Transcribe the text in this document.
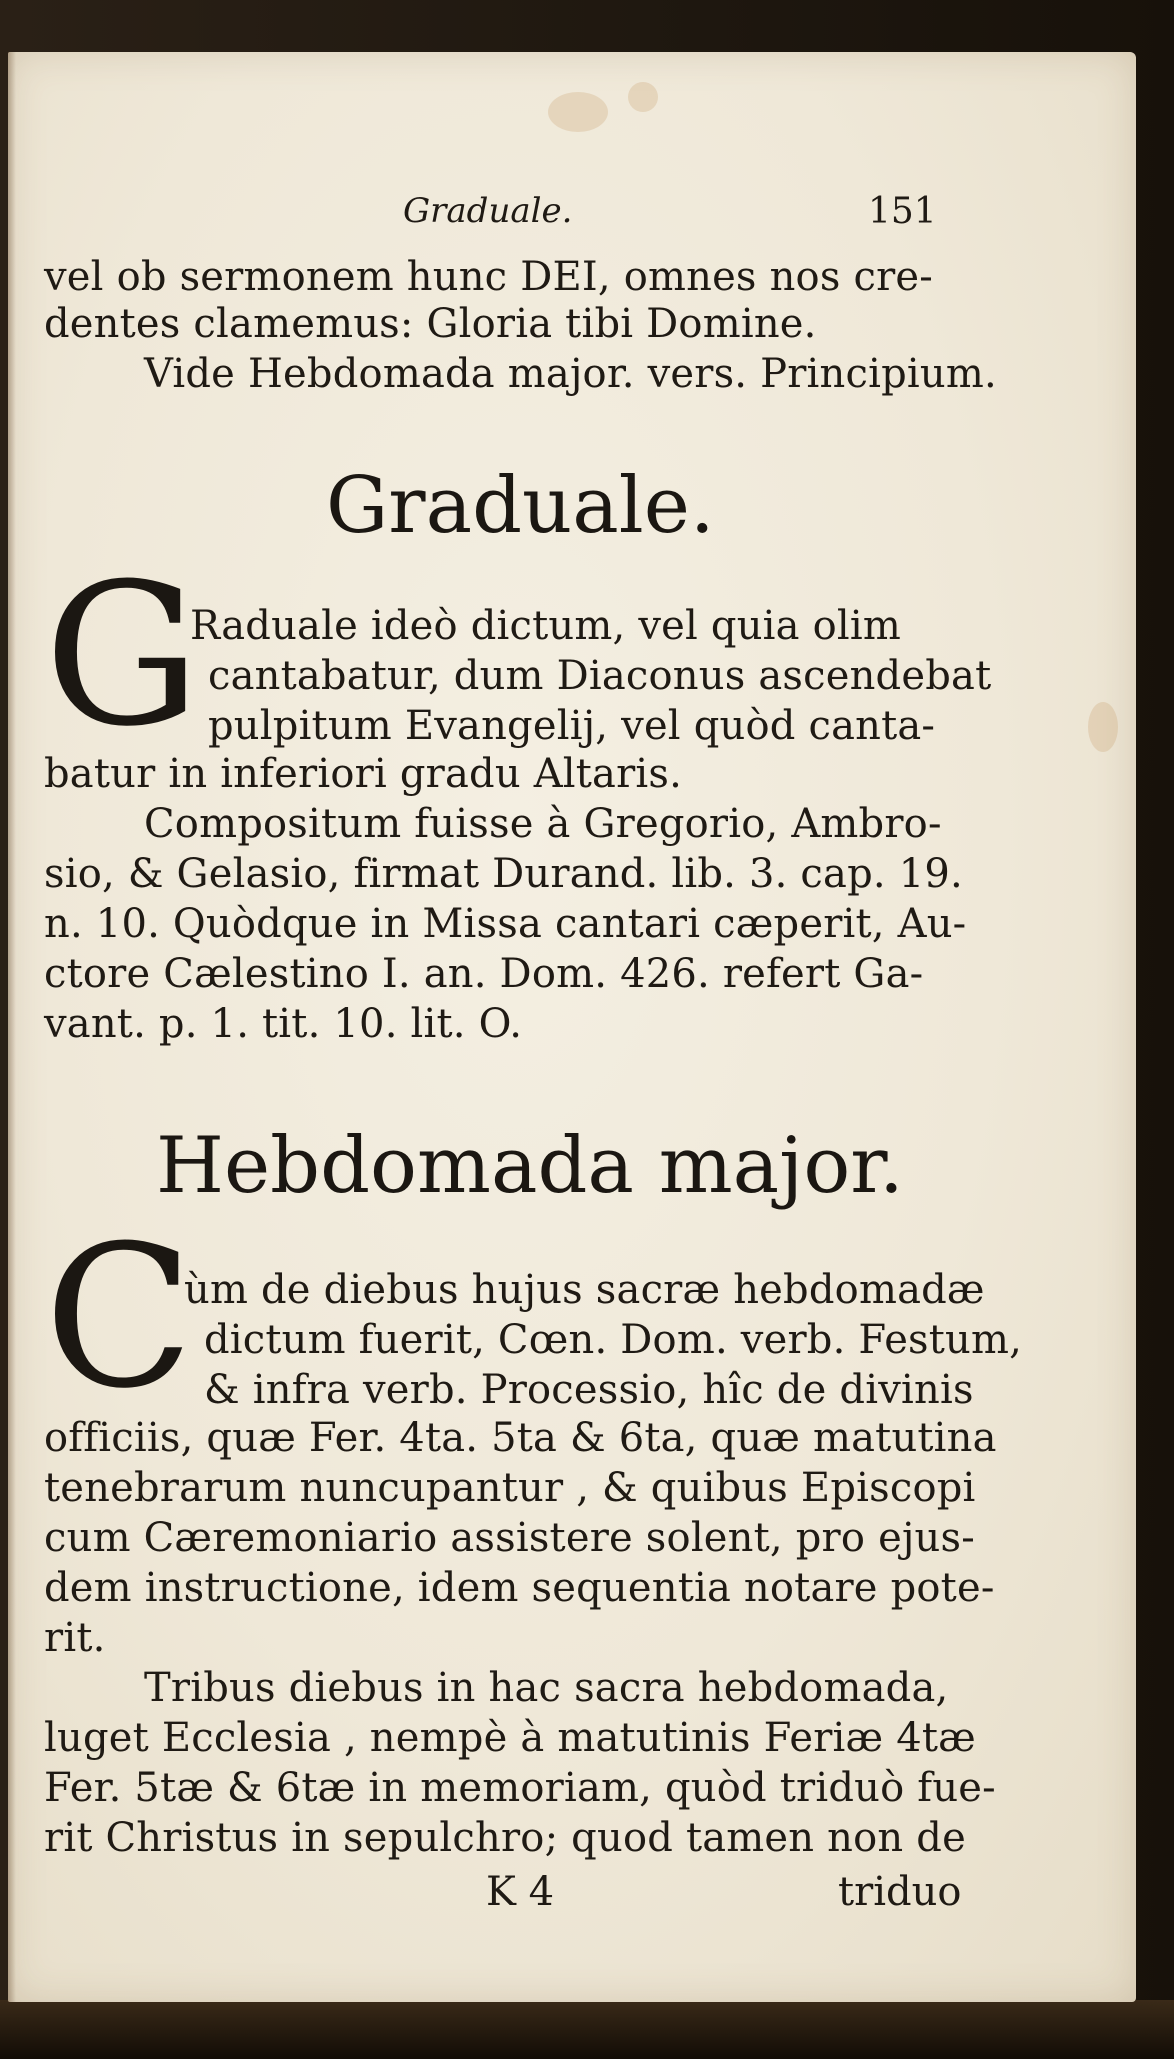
Graduale.	151
vel ob sermonem hunc DEI, omnes nos cre-
dentes clamemus: Gloria tibi Domine.
Vide Hebdomada major. vers. Principium.
Graduale.
G
Raduale ideò dictum, vel quia olim
cantabatur, dum Diaconus ascendebat
pulpitum Evangelij, vel quòd canta-
batur in inferiori gradu Altaris.
Compositum fuisse à Gregorio, Ambro-
sio, & Gelasio, firmat Durand. lib. 3. cap. 19.
n. 10. Quòdque in Missa cantari cæperit, Au-
ctore Cælestino I. an. Dom. 426. refert Ga-
vant. p. 1. tit. 10. lit. O.
Hebdomada major.
C
ùm de diebus hujus sacræ hebdomadæ
dictum fuerit, Cœn. Dom. verb. Festum,
& infra verb. Processio, hîc de divinis
officiis, quæ Fer. 4ta. 5ta & 6ta, quæ matutina
tenebrarum nuncupantur , & quibus Episcopi
cum Cæremoniario assistere solent, pro ejus-
dem instructione, idem sequentia notare pote-
rit.
Tribus diebus in hac sacra hebdomada,
luget Ecclesia , nempè à matutinis Feriæ 4tæ
Fer. 5tæ & 6tæ in memoriam, quòd triduò fue-
rit Christus in sepulchro; quod tamen non de
K 4	triduo
